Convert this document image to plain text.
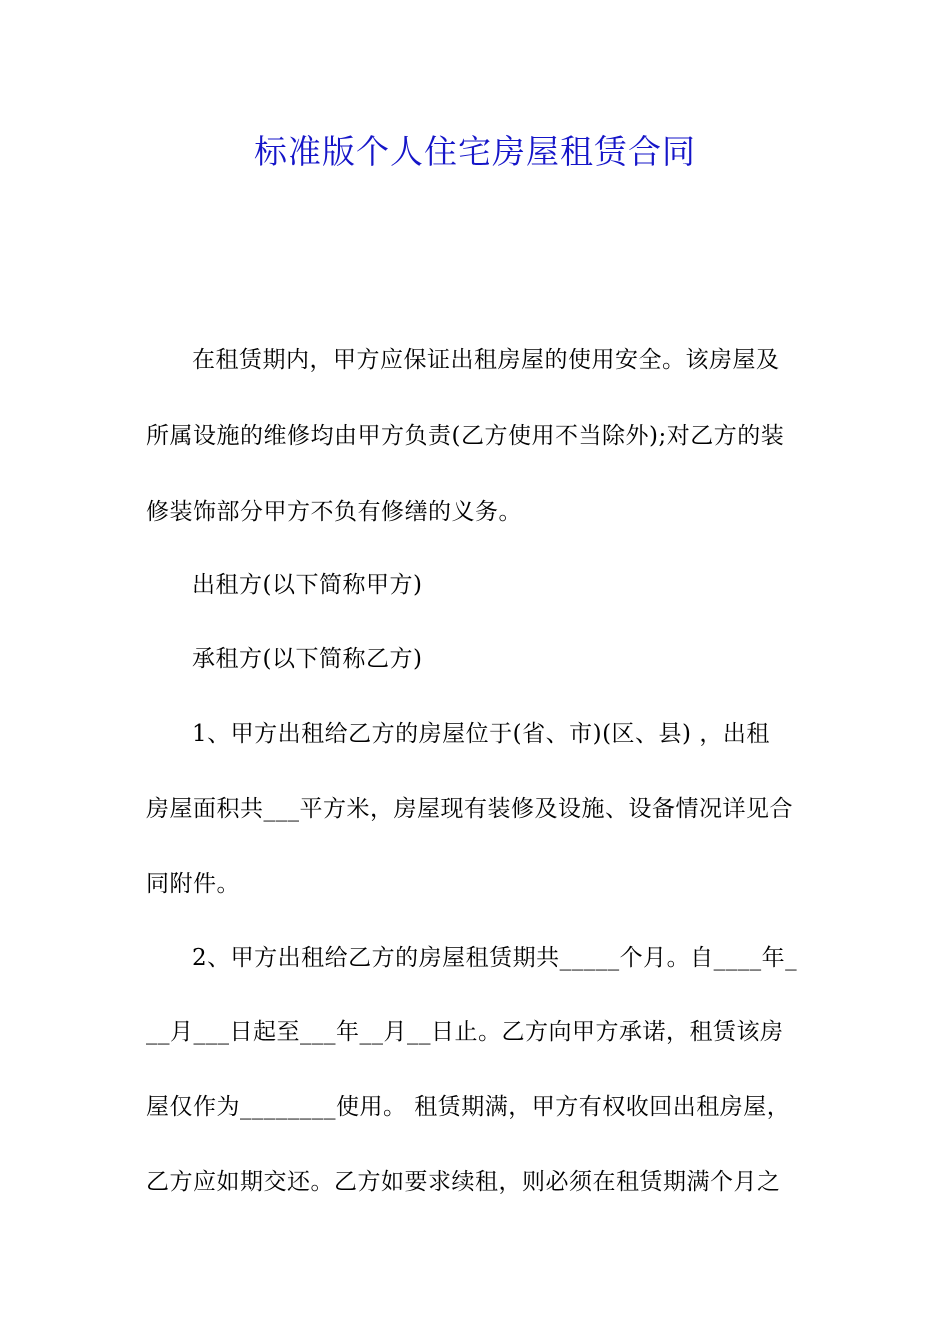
标准版个人住宅房屋租赁合同
在租赁期内，甲方应保证出租房屋的使用安全。该房屋及
所属设施的维修均由甲方负责(乙方使用不当除外);对乙方的装
修装饰部分甲方不负有修缮的义务。
出租方(以下简称甲方)
承租方(以下简称乙方)
1、甲方出租给乙方的房屋位于(省、市)(区、县) ，出租
房屋面积共___平方米，房屋现有装修及设施、设备情况详见合
同附件。
2、甲方出租给乙方的房屋租赁期共_____个月。自____年_
__月___日起至___年__月__日止。乙方向甲方承诺，租赁该房
屋仅作为________使用。 租赁期满，甲方有权收回出租房屋，
乙方应如期交还。乙方如要求续租，则必须在租赁期满个月之
